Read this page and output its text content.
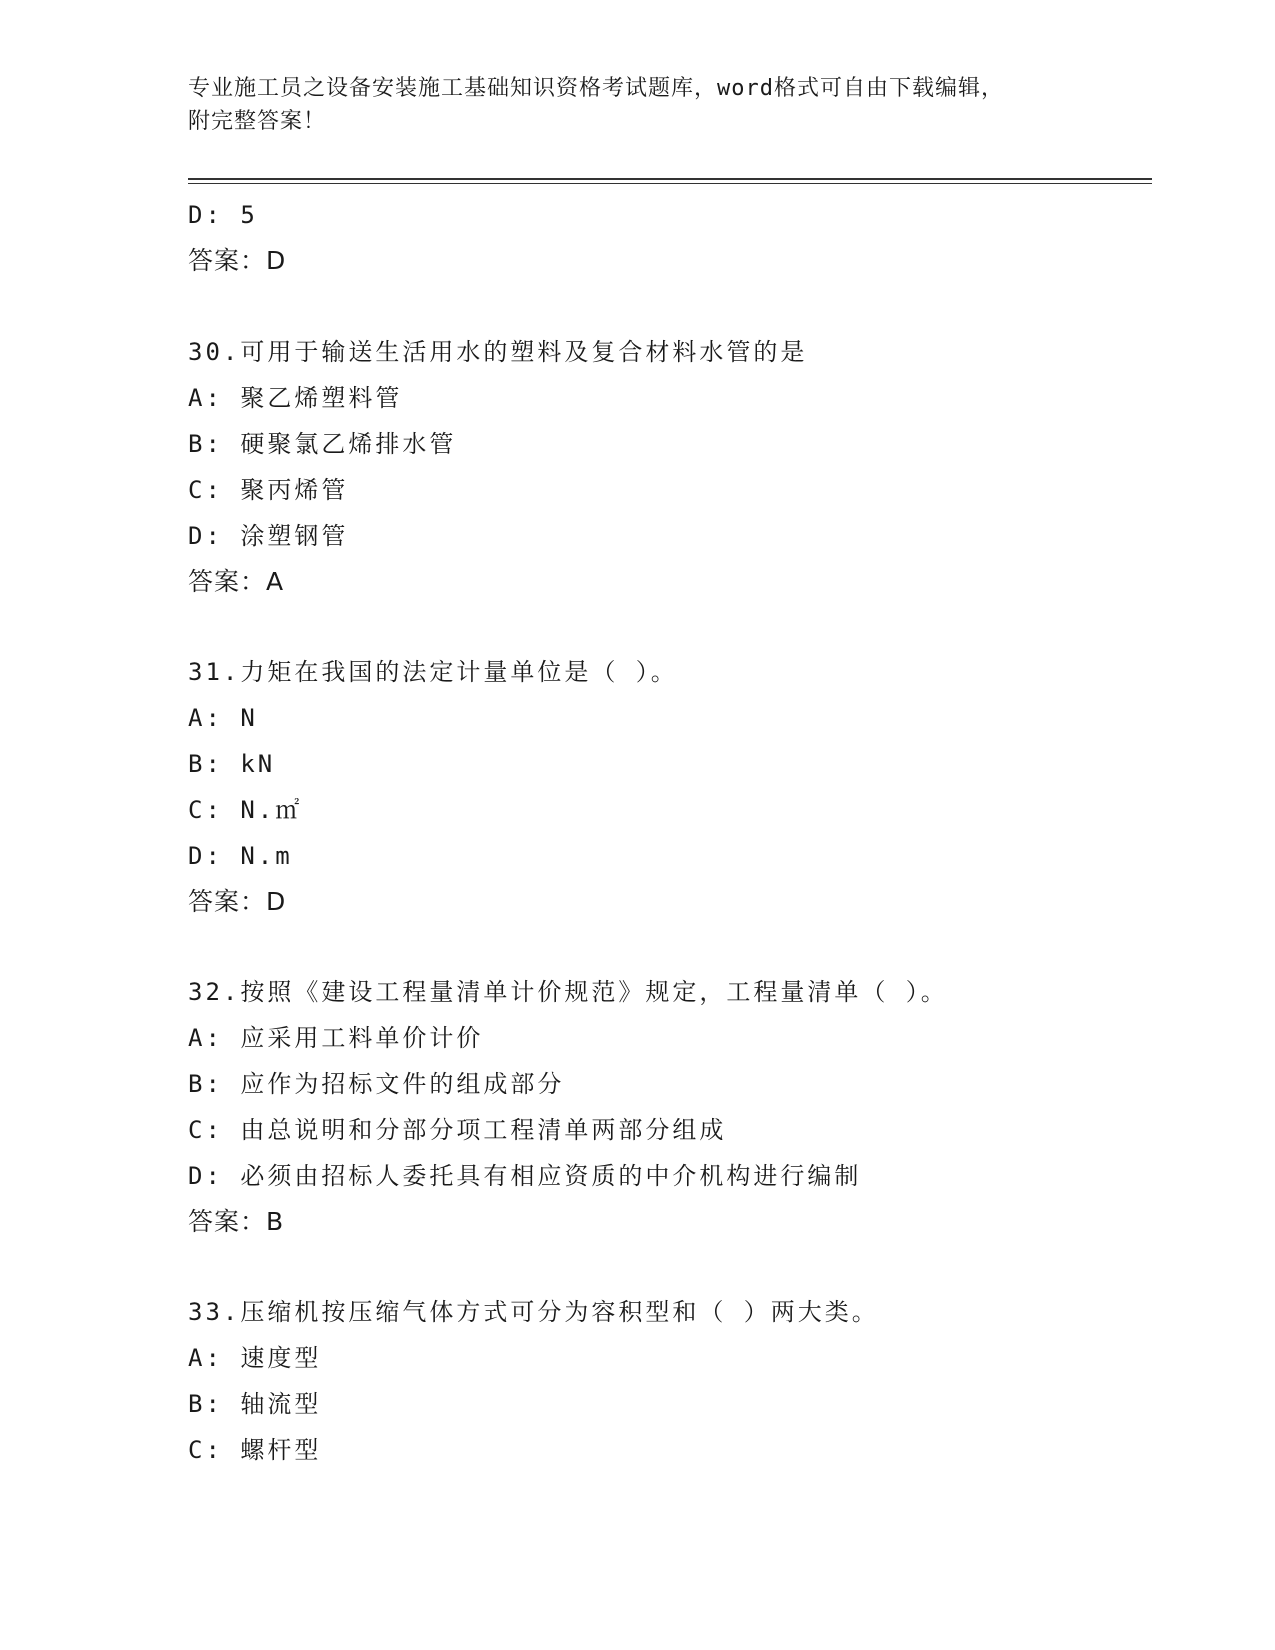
专业施工员之设备安装施工基础知识资格考试题库，word格式可自由下载编辑，
附完整答案！
D: 5
答案：D
30.可用于输送生活用水的塑料及复合材料水管的是
A: 聚乙烯塑料管
B: 硬聚氯乙烯排水管
C: 聚丙烯管
D: 涂塑钢管
答案：A
31.力矩在我国的法定计量单位是（ ）。
A: N
B: kN
C: N.㎡
D: N.m
答案：D
32.按照《建设工程量清单计价规范》规定，工程量清单（ ）。
A: 应采用工料单价计价
B: 应作为招标文件的组成部分
C: 由总说明和分部分项工程清单两部分组成
D: 必须由招标人委托具有相应资质的中介机构进行编制
答案：B
33.压缩机按压缩气体方式可分为容积型和（ ）两大类。
A: 速度型
B: 轴流型
C: 螺杆型
